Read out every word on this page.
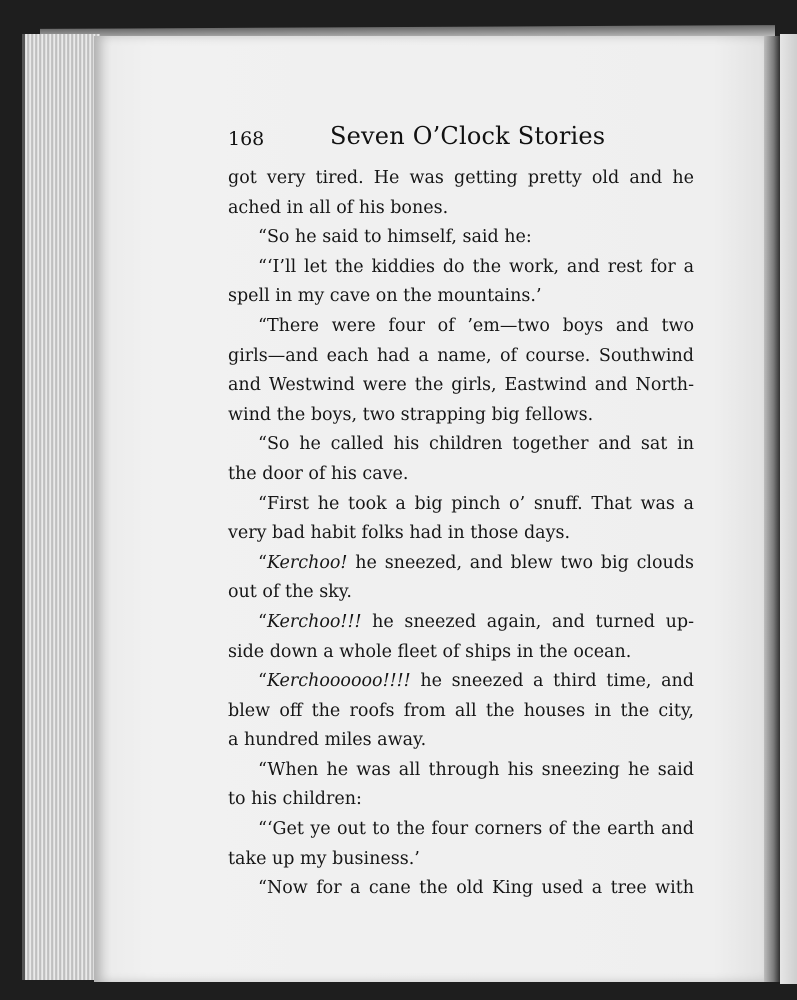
168	Seven O’Clock Stories
got very tired. He was getting pretty old and he
ached in all of his bones.
“So he said to himself, said he:
“‘I’ll let the kiddies do the work, and rest for a
spell in my cave on the mountains.’
“There were four of ’em—two boys and two
girls—and each had a name, of course. Southwind
and Westwind were the girls, Eastwind and North-
wind the boys, two strapping big fellows.
“So he called his children together and sat in
the door of his cave.
“First he took a big pinch o’ snuff. That was a
very bad habit folks had in those days.
“Kerchoo! he sneezed, and blew two big clouds
out of the sky.
“Kerchoo!!! he sneezed again, and turned up-
side down a whole fleet of ships in the ocean.
“Kerchoooooo!!!! he sneezed a third time, and
blew off the roofs from all the houses in the city,
a hundred miles away.
“When he was all through his sneezing he said
to his children:
“‘Get ye out to the four corners of the earth and
take up my business.’
“Now for a cane the old King used a tree with
